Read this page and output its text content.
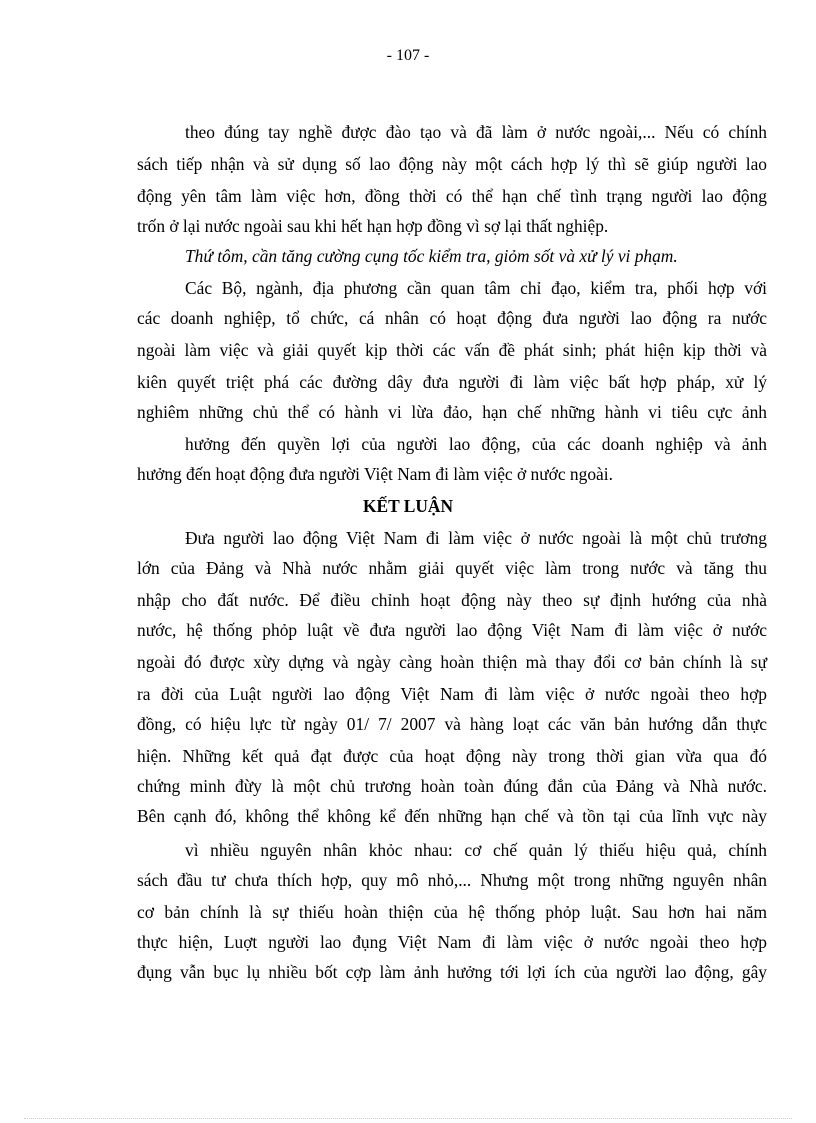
- 107 -
theo đúng tay nghề được đào tạo và đã làm ở nước ngoài,... Nếu có chính
sách tiếp nhận và sử dụng số lao động này một cách hợp lý thì sẽ giúp người lao
động yên tâm làm việc hơn, đồng thời có thể hạn chế tình trạng người lao động
trốn ở lại nước ngoài sau khi hết hạn hợp đồng vì sợ lại thất nghiệp.
Thứ tôm, cần tăng cường cụng tốc kiểm tra, giỏm sốt và xử lý vi phạm.
Các Bộ, ngành, địa phương cần quan tâm chỉ đạo, kiểm tra, phối hợp với
các doanh nghiệp, tổ chức, cá nhân có hoạt động đưa người lao động ra nước
ngoài làm việc và giải quyết kịp thời các vấn đề phát sinh; phát hiện kịp thời và
kiên quyết triệt phá các đường dây đưa người đi làm việc bất hợp pháp, xử lý
nghiêm những chủ thể có hành vi lừa đảo, hạn chế những hành vi tiêu cực ảnh
hưởng đến quyền lợi của người lao động, của các doanh nghiệp và ảnh
hưởng đến hoạt động đưa người Việt Nam đi làm việc ở nước ngoài.
KẾT LUẬN
Đưa người lao động Việt Nam đi làm việc ở nước ngoài là một chủ trương
lớn của Đảng và Nhà nước nhằm giải quyết việc làm trong nước và tăng thu
nhập cho đất nước. Để điều chỉnh hoạt động này theo sự định hướng của nhà
nước, hệ thống phỏp luật về đưa người lao động Việt Nam đi làm việc ở nước
ngoài đó được xừy dựng và ngày càng hoàn thiện mà thay đổi cơ bản chính là sự
ra đời của Luật người lao động Việt Nam đi làm việc ở nước ngoài theo hợp
đồng, có hiệu lực từ ngày 01/ 7/ 2007 và hàng loạt các văn bản hướng dẫn thực
hiện. Những kết quả đạt được của hoạt động này trong thời gian vừa qua đó
chứng minh đừy là một chủ trương hoàn toàn đúng đắn của Đảng và Nhà nước.
Bên cạnh đó, không thể không kể đến những hạn chế và tồn tại của lĩnh vực này
vì nhiều nguyên nhân khỏc nhau: cơ chế quản lý thiếu hiệu quả, chính
sách đầu tư chưa thích hợp, quy mô nhỏ,... Nhưng một trong những nguyên nhân
cơ bản chính là sự thiếu hoàn thiện của hệ thống phỏp luật. Sau hơn hai năm
thực hiện, Luợt người lao đụng Việt Nam đi làm việc ở nước ngoài theo hợp
đụng vẫn bục lụ nhiều bốt cợp làm ảnh hưởng tới lợi ích của người lao động, gây
